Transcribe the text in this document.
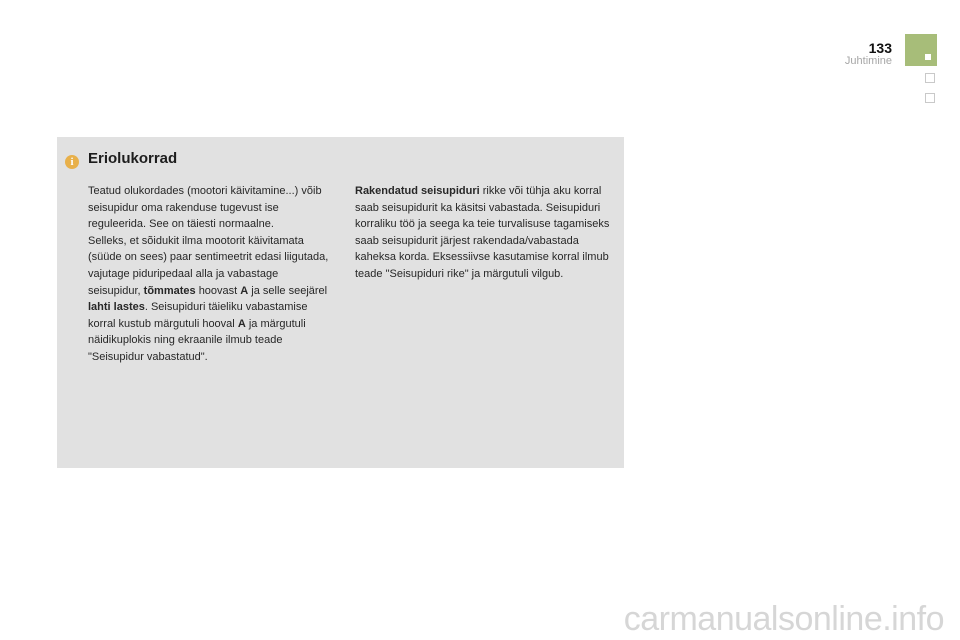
133
Juhtimine
i Eriolukorrad

Teatud olukordades (mootori käivitamine...) võib seisupidur oma rakenduse tugevust ise reguleerida. See on täiesti normaalne.

Selleks, et sõidukit ilma mootorit käivitamata (süüde on sees) paar sentimeetrit edasi liigutada, vajutage piduripedaal alla ja vabastage seisupidur, tõmmates hoovast A ja selle seejärel lahti lastes. Seisupiduri täieliku vabastamise korral kustub märgutuli hooval A ja märgutuli näidikuplokis ning ekraanile ilmub teade "Seisupidur vabastatud".

Rakendatud seisupiduri rikke või tühja aku korral saab seisupidurit ka käsitsi vabastada. Seisupiduri korraliku töö ja seega ka teie turvalisuse tagamiseks saab seisupidurit järjest rakendada/vabastada kaheksa korda. Eksessiivse kasutamise korral ilmub teade "Seisupiduri rike" ja märgutuli vilgub.

carmanualsonline.info
